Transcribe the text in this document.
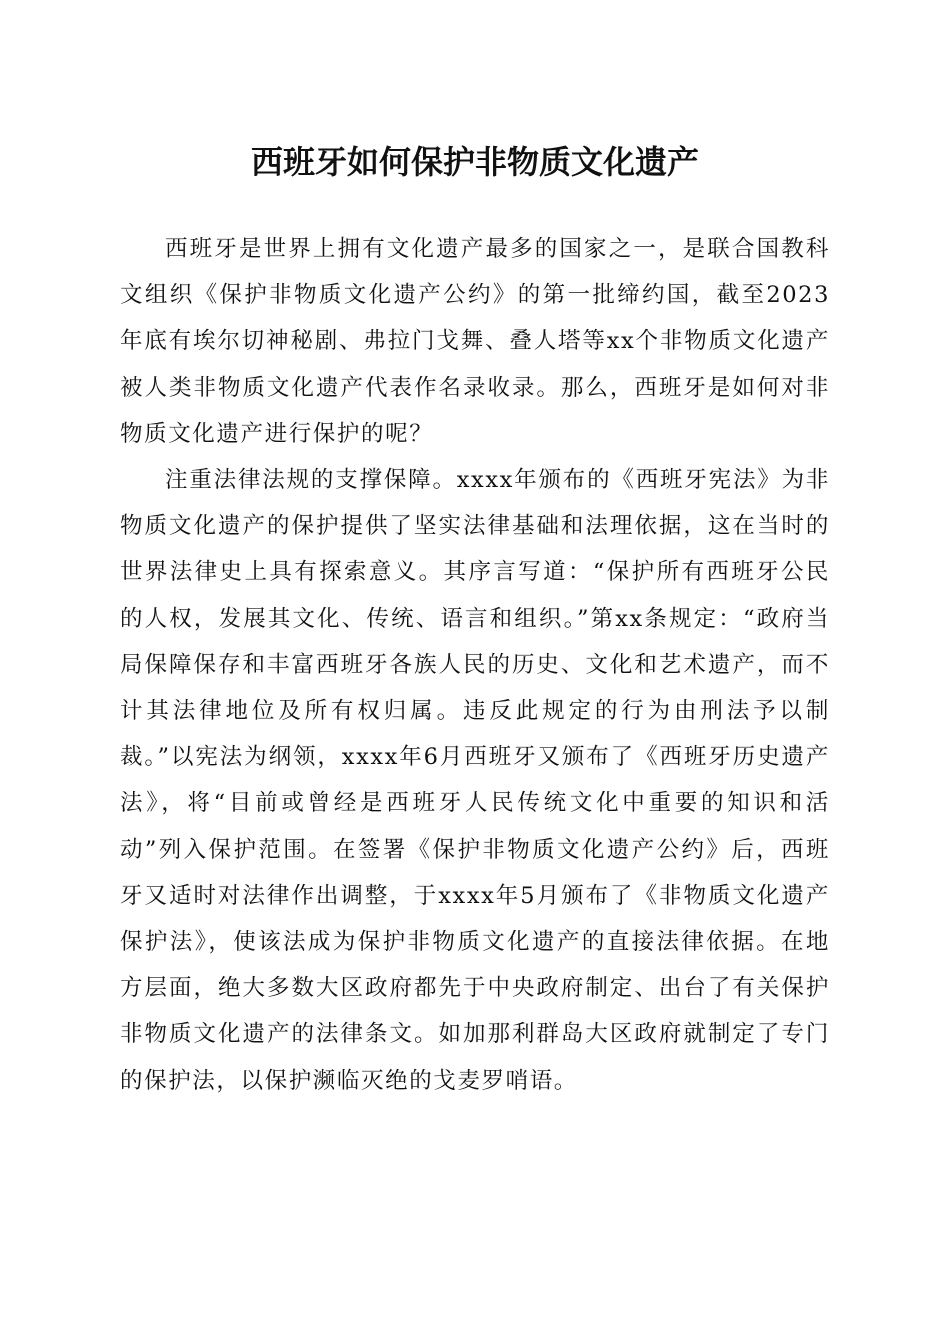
西班牙如何保护非物质文化遗产

西班牙是世界上拥有文化遗产最多的国家之一，是联合国教科文组织《保护非物质文化遗产公约》的第一批缔约国，截至2023年底有埃尔切神秘剧、弗拉门戈舞、叠人塔等xx个非物质文化遗产被人类非物质文化遗产代表作名录收录。那么，西班牙是如何对非物质文化遗产进行保护的呢？

注重法律法规的支撑保障。xxxx年颁布的《西班牙宪法》为非物质文化遗产的保护提供了坚实法律基础和法理依据，这在当时的世界法律史上具有探索意义。其序言写道：“保护所有西班牙公民的人权，发展其文化、传统、语言和组织。”第xx条规定：“政府当局保障保存和丰富西班牙各族人民的历史、文化和艺术遗产，而不计其法律地位及所有权归属。违反此规定的行为由刑法予以制裁。”以宪法为纲领，xxxx年6月西班牙又颁布了《西班牙历史遗产法》，将“目前或曾经是西班牙人民传统文化中重要的知识和活动”列入保护范围。在签署《保护非物质文化遗产公约》后，西班牙又适时对法律作出调整，于xxxx年5月颁布了《非物质文化遗产保护法》，使该法成为保护非物质文化遗产的直接法律依据。在地方层面，绝大多数大区政府都先于中央政府制定、出台了有关保护非物质文化遗产的法律条文。如加那利群岛大区政府就制定了专门的保护法，以保护濒临灭绝的戈麦罗哨语。
